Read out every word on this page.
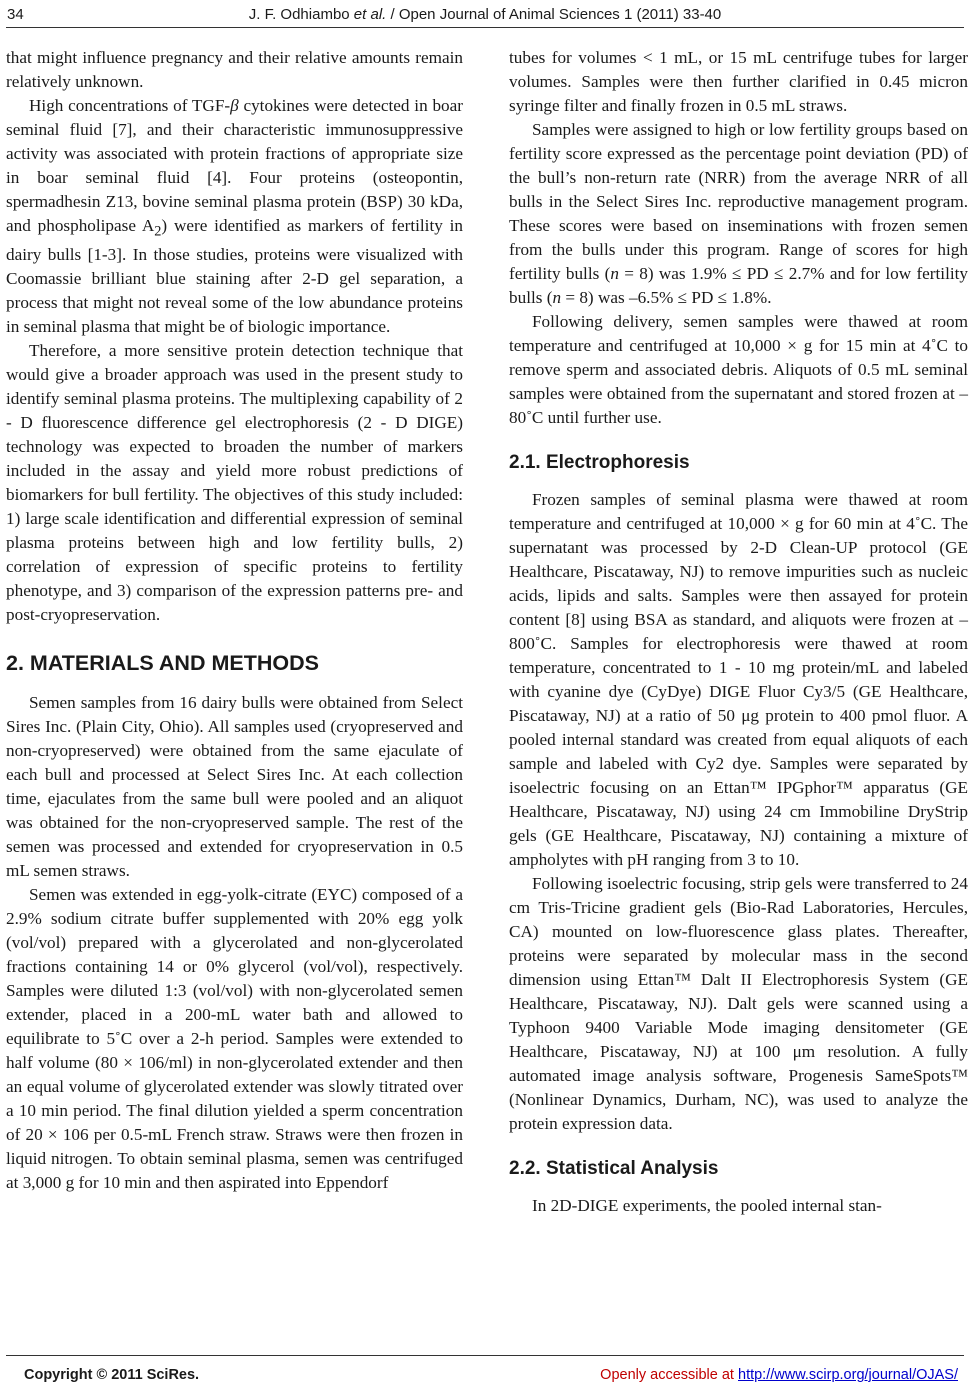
34	J. F. Odhiambo et al. / Open Journal of Animal Sciences 1 (2011) 33-40

that might influence pregnancy and their relative amounts remain relatively unknown.

High concentrations of TGF-β cytokines were detected in boar seminal fluid [7], and their characteristic immunosuppressive activity was associated with protein fractions of appropriate size in boar seminal fluid [4]. Four proteins (osteopontin, spermadhesin Z13, bovine seminal plasma protein (BSP) 30 kDa, and phospholipase $A_2$) were identified as markers of fertility in dairy bulls [1-3]. In those studies, proteins were visualized with Coomassie brilliant blue staining after 2-D gel separation, a process that might not reveal some of the low abundance proteins in seminal plasma that might be of biologic importance.

Therefore, a more sensitive protein detection technique that would give a broader approach was used in the present study to identify seminal plasma proteins. The multiplexing capability of 2 - D fluorescence difference gel electrophoresis (2 - D DIGE) technology was expected to broaden the number of markers included in the assay and yield more robust predictions of biomarkers for bull fertility. The objectives of this study included: 1) large scale identification and differential expression of seminal plasma proteins between high and low fertility bulls, 2) correlation of expression of specific proteins to fertility phenotype, and 3) comparison of the expression patterns pre- and post-cryopreservation.

2. MATERIALS AND METHODS

Semen samples from 16 dairy bulls were obtained from Select Sires Inc. (Plain City, Ohio). All samples used (cryopreserved and non-cryopreserved) were obtained from the same ejaculate of each bull and processed at Select Sires Inc. At each collection time, ejaculates from the same bull were pooled and an aliquot was obtained for the non-cryopreserved sample. The rest of the semen was processed and extended for cryopreservation in 0.5 mL semen straws.

Semen was extended in egg-yolk-citrate (EYC) composed of a 2.9% sodium citrate buffer supplemented with 20% egg yolk (vol/vol) prepared with a glycerolated and non-glycerolated fractions containing 14 or 0% glycerol (vol/vol), respectively. Samples were diluted 1:3 (vol/vol) with non-glycerolated semen extender, placed in a 200-mL water bath and allowed to equilibrate to 5˚C over a 2-h period. Samples were extended to half volume (80 × 106/ml) in non-glycerolated extender and then an equal volume of glycerolated extender was slowly titrated over a 10 min period. The final dilution yielded a sperm concentration of 20 × 106 per 0.5-mL French straw. Straws were then frozen in liquid nitrogen. To obtain seminal plasma, semen was centrifuged at 3,000 g for 10 min and then aspirated into Eppendorf

tubes for volumes < 1 mL, or 15 mL centrifuge tubes for larger volumes. Samples were then further clarified in 0.45 micron syringe filter and finally frozen in 0.5 mL straws.

Samples were assigned to high or low fertility groups based on fertility score expressed as the percentage point deviation (PD) of the bull’s non-return rate (NRR) from the average NRR of all bulls in the Select Sires Inc. reproductive management program. These scores were based on inseminations with frozen semen from the bulls under this program. Range of scores for high fertility bulls (n = 8) was 1.9% ≤ PD ≤ 2.7% and for low fertility bulls (n = 8) was –6.5% ≤ PD ≤ 1.8%.

Following delivery, semen samples were thawed at room temperature and centrifuged at 10,000 × g for 15 min at 4˚C to remove sperm and associated debris. Aliquots of 0.5 mL seminal samples were obtained from the supernatant and stored frozen at –80˚C until further use.

2.1. Electrophoresis

Frozen samples of seminal plasma were thawed at room temperature and centrifuged at 10,000 × g for 60 min at 4˚C. The supernatant was processed by 2-D Clean-UP protocol (GE Healthcare, Piscataway, NJ) to remove impurities such as nucleic acids, lipids and salts. Samples were then assayed for protein content [8] using BSA as standard, and aliquots were frozen at –800˚C. Samples for electrophoresis were thawed at room temperature, concentrated to 1 - 10 mg protein/mL and labeled with cyanine dye (CyDye) DIGE Fluor Cy3/5 (GE Healthcare, Piscataway, NJ) at a ratio of 50 μg protein to 400 pmol fluor. A pooled internal standard was created from equal aliquots of each sample and labeled with Cy2 dye. Samples were separated by isoelectric focusing on an Ettan™ IPGphor™ apparatus (GE Healthcare, Piscataway, NJ) using 24 cm Immobiline DryStrip gels (GE Healthcare, Piscataway, NJ) containing a mixture of ampholytes with pH ranging from 3 to 10.

Following isoelectric focusing, strip gels were transferred to 24 cm Tris-Tricine gradient gels (Bio-Rad Laboratories, Hercules, CA) mounted on low-fluorescence glass plates. Thereafter, proteins were separated by molecular mass in the second dimension using Ettan™ Dalt II Electrophoresis System (GE Healthcare, Piscataway, NJ). Dalt gels were scanned using a Typhoon 9400 Variable Mode imaging densitometer (GE Healthcare, Piscataway, NJ) at 100 μm resolution. A fully automated image analysis software, Progenesis SameSpots™ (Nonlinear Dynamics, Durham, NC), was used to analyze the protein expression data.

2.2. Statistical Analysis

In 2D-DIGE experiments, the pooled internal stan-

Copyright © 2011 SciRes.	Openly accessible at http://www.scirp.org/journal/OJAS/
